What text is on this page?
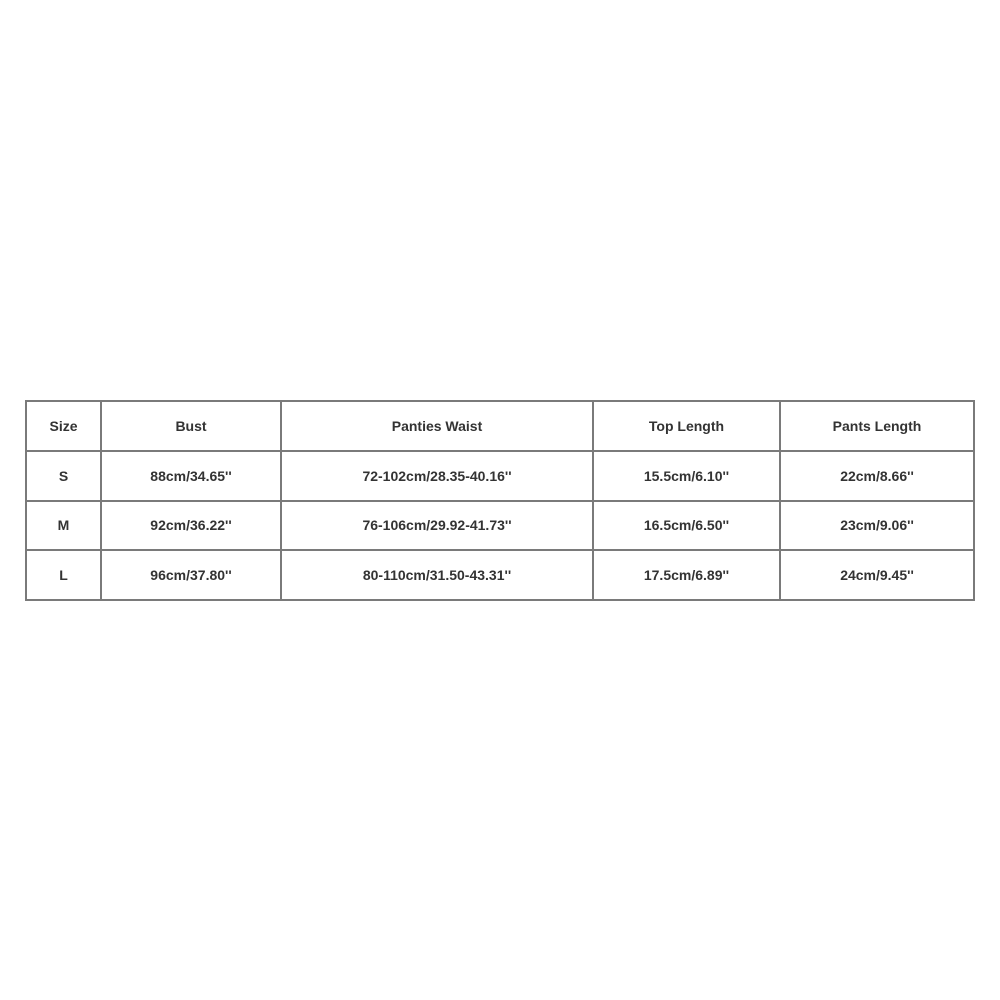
Size	Bust	Panties Waist	Top Length	Pants Length
S	88cm/34.65''	72-102cm/28.35-40.16''	15.5cm/6.10''	22cm/8.66''
M	92cm/36.22''	76-106cm/29.92-41.73''	16.5cm/6.50''	23cm/9.06''
L	96cm/37.80''	80-110cm/31.50-43.31''	17.5cm/6.89''	24cm/9.45''
